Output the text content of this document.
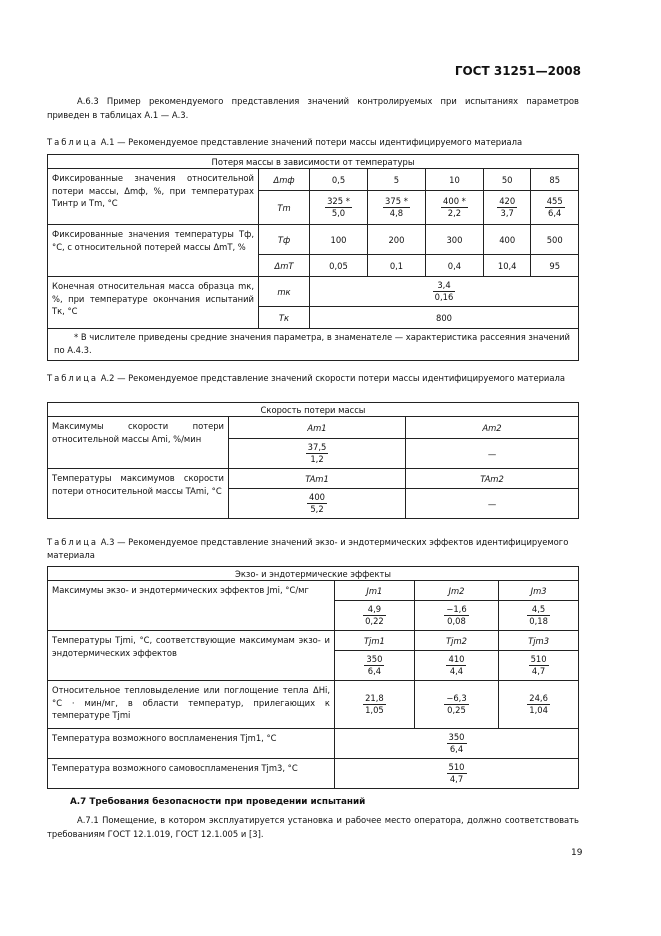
ГОСТ 31251—2008
А.6.3 Пример рекомендуемого представления значений контролируемых при испытаниях параметров приведен в таблицах А.1 — А.3.
Таблица А.1 — Рекомендуемое представление значений потери массы идентифицируемого материала
Потеря массы в зависимости от температуры						
Фиксированные значения относительной потери массы, Δmф, %, при температурах Tинтр и Tm, °С	Δmф	0,5	5	10	50	85
	Tm	$\frac{325 *}{5,0}$	$\frac{375 *}{4,8}$	$\frac{400 *}{2,2}$	$\frac{420}{3,7}$	$\frac{455}{6,4}$

Фиксированные значения температуры Tф, °С, с относительной потерей массы ΔmT, %	Tф	100	200	300	400	500
	ΔmT	0,05	0,1	0,4	10,4	95
Конечная относительная масса образца mк, %, при температуре окончания испытаний Tк, °С	mк	$\frac{3,4}{0,16}$

	Tк	800				
* В числителе приведены средние значения параметра, в знаменателе — характеристика рассеяния значений по А.4.3.						
Таблица А.2 — Рекомендуемое представление значений скорости потери массы идентифицируемого материала
Скорость потери массы		
Максимумы скорости потери относительной массы Ami, %/мин	Am1	Am2

	$\frac{37,5}{1,2}$	—
Температуры максимумов скорости потери относительной массы TAmi, °С	TAm1	TAm2

	$\frac{400}{5,2}$	—
Таблица А.3 — Рекомендуемое представление значений экзо- и эндотермических эффектов идентифицируемого материала
Экзо- и эндотермические эффекты			
Максимумы экзо- и эндотермических эффектов Jmi, °С/мг	Jm1	Jm2	Jm3

	$\frac{4,9}{0,22}$	$\frac{-1,6}{0,08}$	$\frac{4,5}{0,18}$

Температуры Tjmi, °С, соответствующие максимумам экзо- и эндотермических эффектов	Tjm1	Tjm2	Tjm3

	$\frac{350}{6,4}$	$\frac{410}{4,4}$	$\frac{510}{4,7}$

Относительное тепловыделение или поглощение тепла ΔHi, °С · мин/мг, в области температур, прилегающих к температуре Tjmi	$\frac{21,8}{1,05}$	$\frac{-6,3}{0,25}$	$\frac{24,6}{1,04}$

Температура возможного воспламенения Tjm1, °С	$\frac{350}{6,4}$

Температура возможного самовоспламенения Tjm3, °С	$\frac{510}{4,7}$
А.7 Требования безопасности при проведении испытаний
А.7.1 Помещение, в котором эксплуатируется установка и рабочее место оператора, должно соответствовать требованиям ГОСТ 12.1.019, ГОСТ 12.1.005 и [3].
19
